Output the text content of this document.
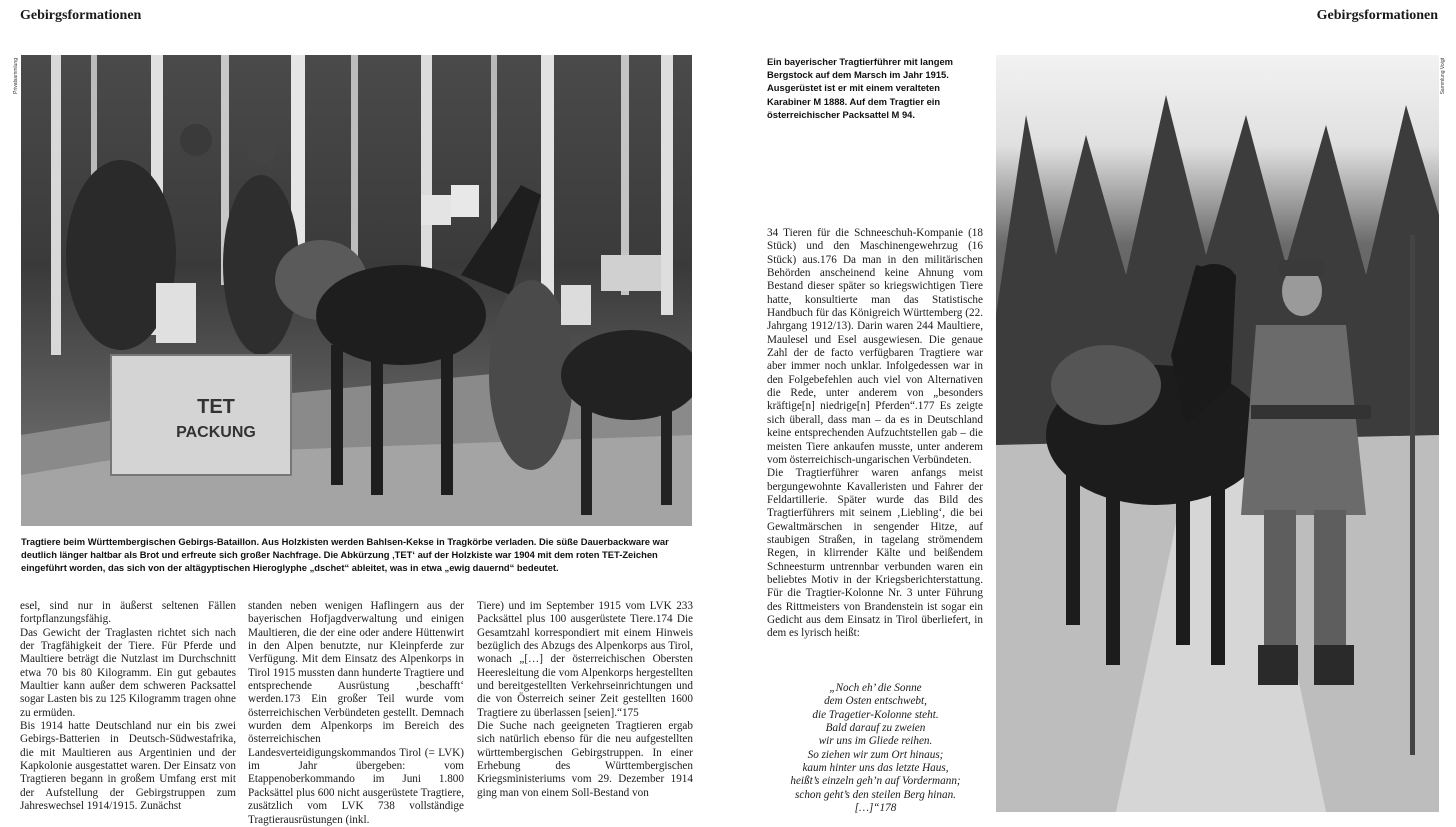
Gebirgsformationen	Gebirgsformationen
Privatsammlung	Sammlung Voigt
TET
PACKUNG

Tragtiere beim Württembergischen Gebirgs-Bataillon. Aus Holzkisten werden Bahlsen-Kekse in Tragkörbe verladen. Die süße Dauerbackware war deutlich länger haltbar als Brot und erfreute sich großer Nachfrage. Die Abkürzung ‚TET‘ auf der Holzkiste war 1904 mit dem roten TET-Zeichen eingeführt worden, das sich von der altägyptischen Hieroglyphe „dschet“ ableitet, was in etwa „ewig dauernd“ bedeutet.

esel, sind nur in äußerst seltenen Fällen fortpflanzungsfähig.

Das Gewicht der Traglasten richtet sich nach der Tragfähigkeit der Tiere. Für Pferde und Maultiere beträgt die Nutzlast im Durchschnitt etwa 70 bis 80 Kilogramm. Ein gut gebautes Maultier kann außer dem schweren Packsattel sogar Lasten bis zu 125 Kilogramm tragen ohne zu ermüden.

Bis 1914 hatte Deutschland nur ein bis zwei Gebirgs-Batterien in Deutsch-Südwestafrika, die mit Maultieren aus Argentinien und der Kapkolonie ausgestattet waren. Der Einsatz von Tragtieren begann in großem Umfang erst mit der Aufstellung der Gebirgstruppen zum Jahreswechsel 1914/1915. Zunächst

standen neben wenigen Haflingern aus der bayerischen Hofjagdverwaltung und einigen Maultieren, die der eine oder andere Hüttenwirt in den Alpen benutzte, nur Kleinpferde zur Verfügung. Mit dem Einsatz des Alpenkorps in Tirol 1915 mussten dann hunderte Tragtiere und entsprechende Ausrüstung ‚beschafft‘ werden.173 Ein großer Teil wurde vom österreichischen Verbündeten gestellt. Demnach wurden dem Alpenkorps im Bereich des österreichischen Landesverteidigungskommandos Tirol (= LVK) im Jahr übergeben: vom Etappenoberkommando im Juni 1.800 Packsättel plus 600 nicht ausgerüstete Tragtiere, zusätzlich vom LVK 738 vollständige Tragtierausrüstungen (inkl.

Tiere) und im September 1915 vom LVK 233 Packsättel plus 100 ausgerüstete Tiere.174 Die Gesamtzahl korrespondiert mit einem Hinweis bezüglich des Abzugs des Alpenkorps aus Tirol, wonach „[…] der österreichischen Obersten Heeresleitung die vom Alpenkorps hergestellten und bereitgestellten Verkehrseinrichtungen und die von Österreich seiner Zeit gestellten 1600 Tragtiere zu überlassen [seien].“175

Die Suche nach geeigneten Tragtieren ergab sich natürlich ebenso für die neu aufgestellten württembergischen Gebirgstruppen. In einer Erhebung des Württembergischen Kriegsministeriums vom 29. Dezember 1914 ging man von einem Soll-Bestand von

Ein bayerischer Tragtierführer mit langem Bergstock auf dem Marsch im Jahr 1915. Ausgerüstet ist er mit einem veralteten Karabiner M 1888. Auf dem Tragtier ein österreichischer Packsattel M 94.

34 Tieren für die Schneeschuh-Kompanie (18 Stück) und den Maschinengewehrzug (16 Stück) aus.176 Da man in den militärischen Behörden anscheinend keine Ahnung vom Bestand dieser später so kriegswichtigen Tiere hatte, konsultierte man das Statistische Handbuch für das Königreich Württemberg (22. Jahrgang 1912/13). Darin waren 244 Maultiere, Maulesel und Esel ausgewiesen. Die genaue Zahl der de facto verfügbaren Tragtiere war aber immer noch unklar. Infolgedessen war in den Folgebefehlen auch viel von Alternativen die Rede, unter anderem von „besonders kräftige[n] niedrige[n] Pferden“.177 Es zeigte sich überall, dass man – da es in Deutschland keine entsprechenden Aufzuchtstellen gab – die meisten Tiere ankaufen musste, unter anderem vom österreichisch-ungarischen Verbündeten.

Die Tragtierführer waren anfangs meist bergungewohnte Kavalleristen und Fahrer der Feldartillerie. Später wurde das Bild des Tragtierführers mit seinem ‚Liebling‘, die bei Gewaltmärschen in sengender Hitze, auf staubigen Straßen, in tagelang strömendem Regen, in klirrender Kälte und beißendem Schneesturm untrennbar verbunden waren ein beliebtes Motiv in der Kriegsberichterstattung. Für die Tragtier-Kolonne Nr. 3 unter Führung des Rittmeisters von Brandenstein ist sogar ein Gedicht aus dem Einsatz in Tirol überliefert, in dem es lyrisch heißt:

„Noch eh’ die Sonne
dem Osten entschwebt,
die Tragetier-Kolonne steht.
Bald darauf zu zweien
wir uns im Gliede reihen.
So ziehen wir zum Ort hinaus;
kaum hinter uns das letzte Haus,
heißt’s einzeln geh’n auf Vordermann;
schon geht’s den steilen Berg hinan.
[…]“178
